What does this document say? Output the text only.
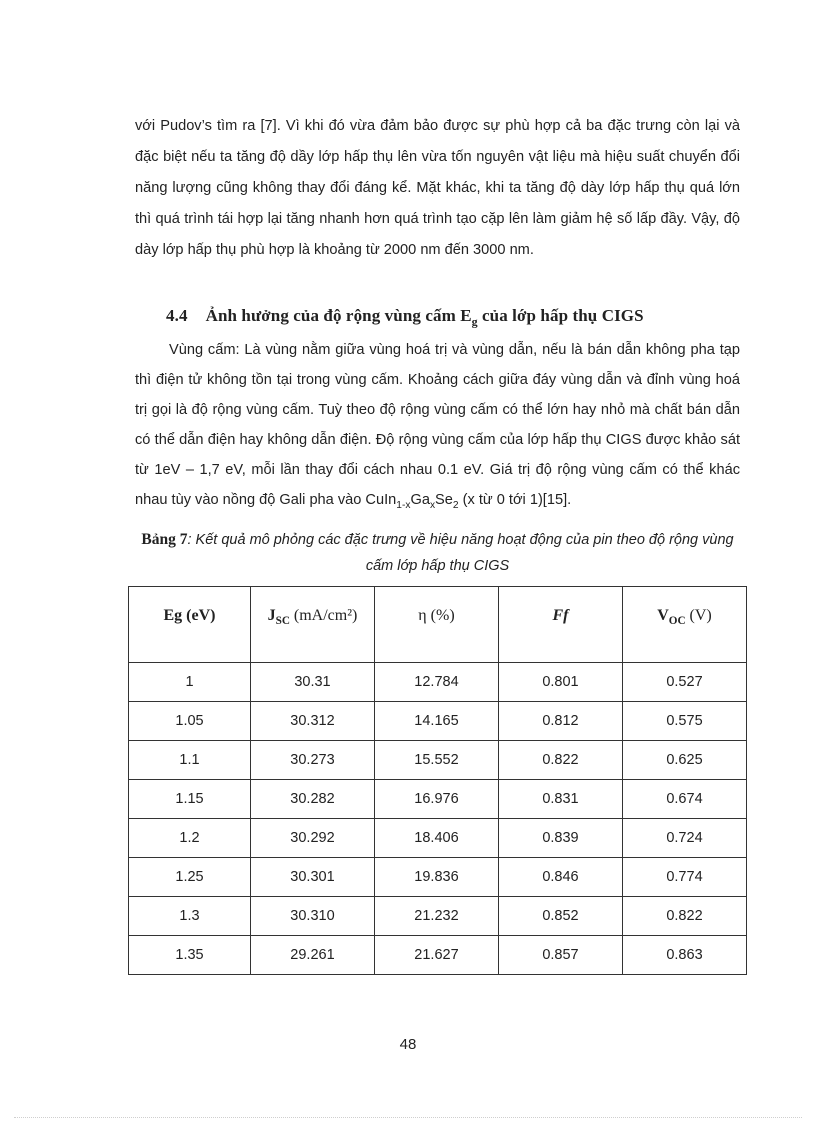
với Pudov’s tìm ra [7]. Vì khi đó vừa đảm bảo được sự phù hợp cả ba đặc trưng còn lại và đặc biệt nếu ta tăng độ dầy lớp hấp thụ lên vừa tốn nguyên vật liệu mà hiệu suất chuyển đổi năng lượng cũng không thay đổi đáng kể. Mặt khác, khi ta tăng độ dày lớp hấp thụ quá lớn thì quá trình tái hợp lại tăng nhanh hơn quá trình tạo cặp lên làm giảm hệ số lấp đầy. Vậy, độ dày lớp hấp thụ phù hợp là khoảng từ 2000 nm đến 3000 nm.

4.4 Ảnh hưởng của độ rộng vùng cấm $E_g$ của lớp hấp thụ CIGS

Vùng cấm: Là vùng nằm giữa vùng hoá trị và vùng dẫn, nếu là bán dẫn không pha tạp thì điện tử không tồn tại trong vùng cấm. Khoảng cách giữa đáy vùng dẫn và đỉnh vùng hoá trị gọi là độ rộng vùng cấm. Tuỳ theo độ rộng vùng cấm có thể lớn hay nhỏ mà chất bán dẫn có thể dẫn điện hay không dẫn điện. Độ rộng vùng cấm của lớp hấp thụ CIGS được khảo sát từ 1eV – 1,7 eV, mỗi lần thay đổi cách nhau 0.1 eV. Giá trị độ rộng vùng cấm có thể khác nhau tùy vào nồng độ Gali pha vào $CuIn_{1-x}Ga_xSe_2$ (x từ 0 tới 1)[15].

Bảng 7: Kết quả mô phỏng các đặc trưng về hiệu năng hoạt động của pin theo độ rộng vùng cấm lớp hấp thụ CIGS

Eg (eV)	$J_{SC}$ (mA/cm²)	η (%)	Ff	$V_{OC}$ (V)
1	30.31	12.784	0.801	0.527
1.05	30.312	14.165	0.812	0.575
1.1	30.273	15.552	0.822	0.625
1.15	30.282	16.976	0.831	0.674
1.2	30.292	18.406	0.839	0.724
1.25	30.301	19.836	0.846	0.774
1.3	30.310	21.232	0.852	0.822
1.35	29.261	21.627	0.857	0.863
48
